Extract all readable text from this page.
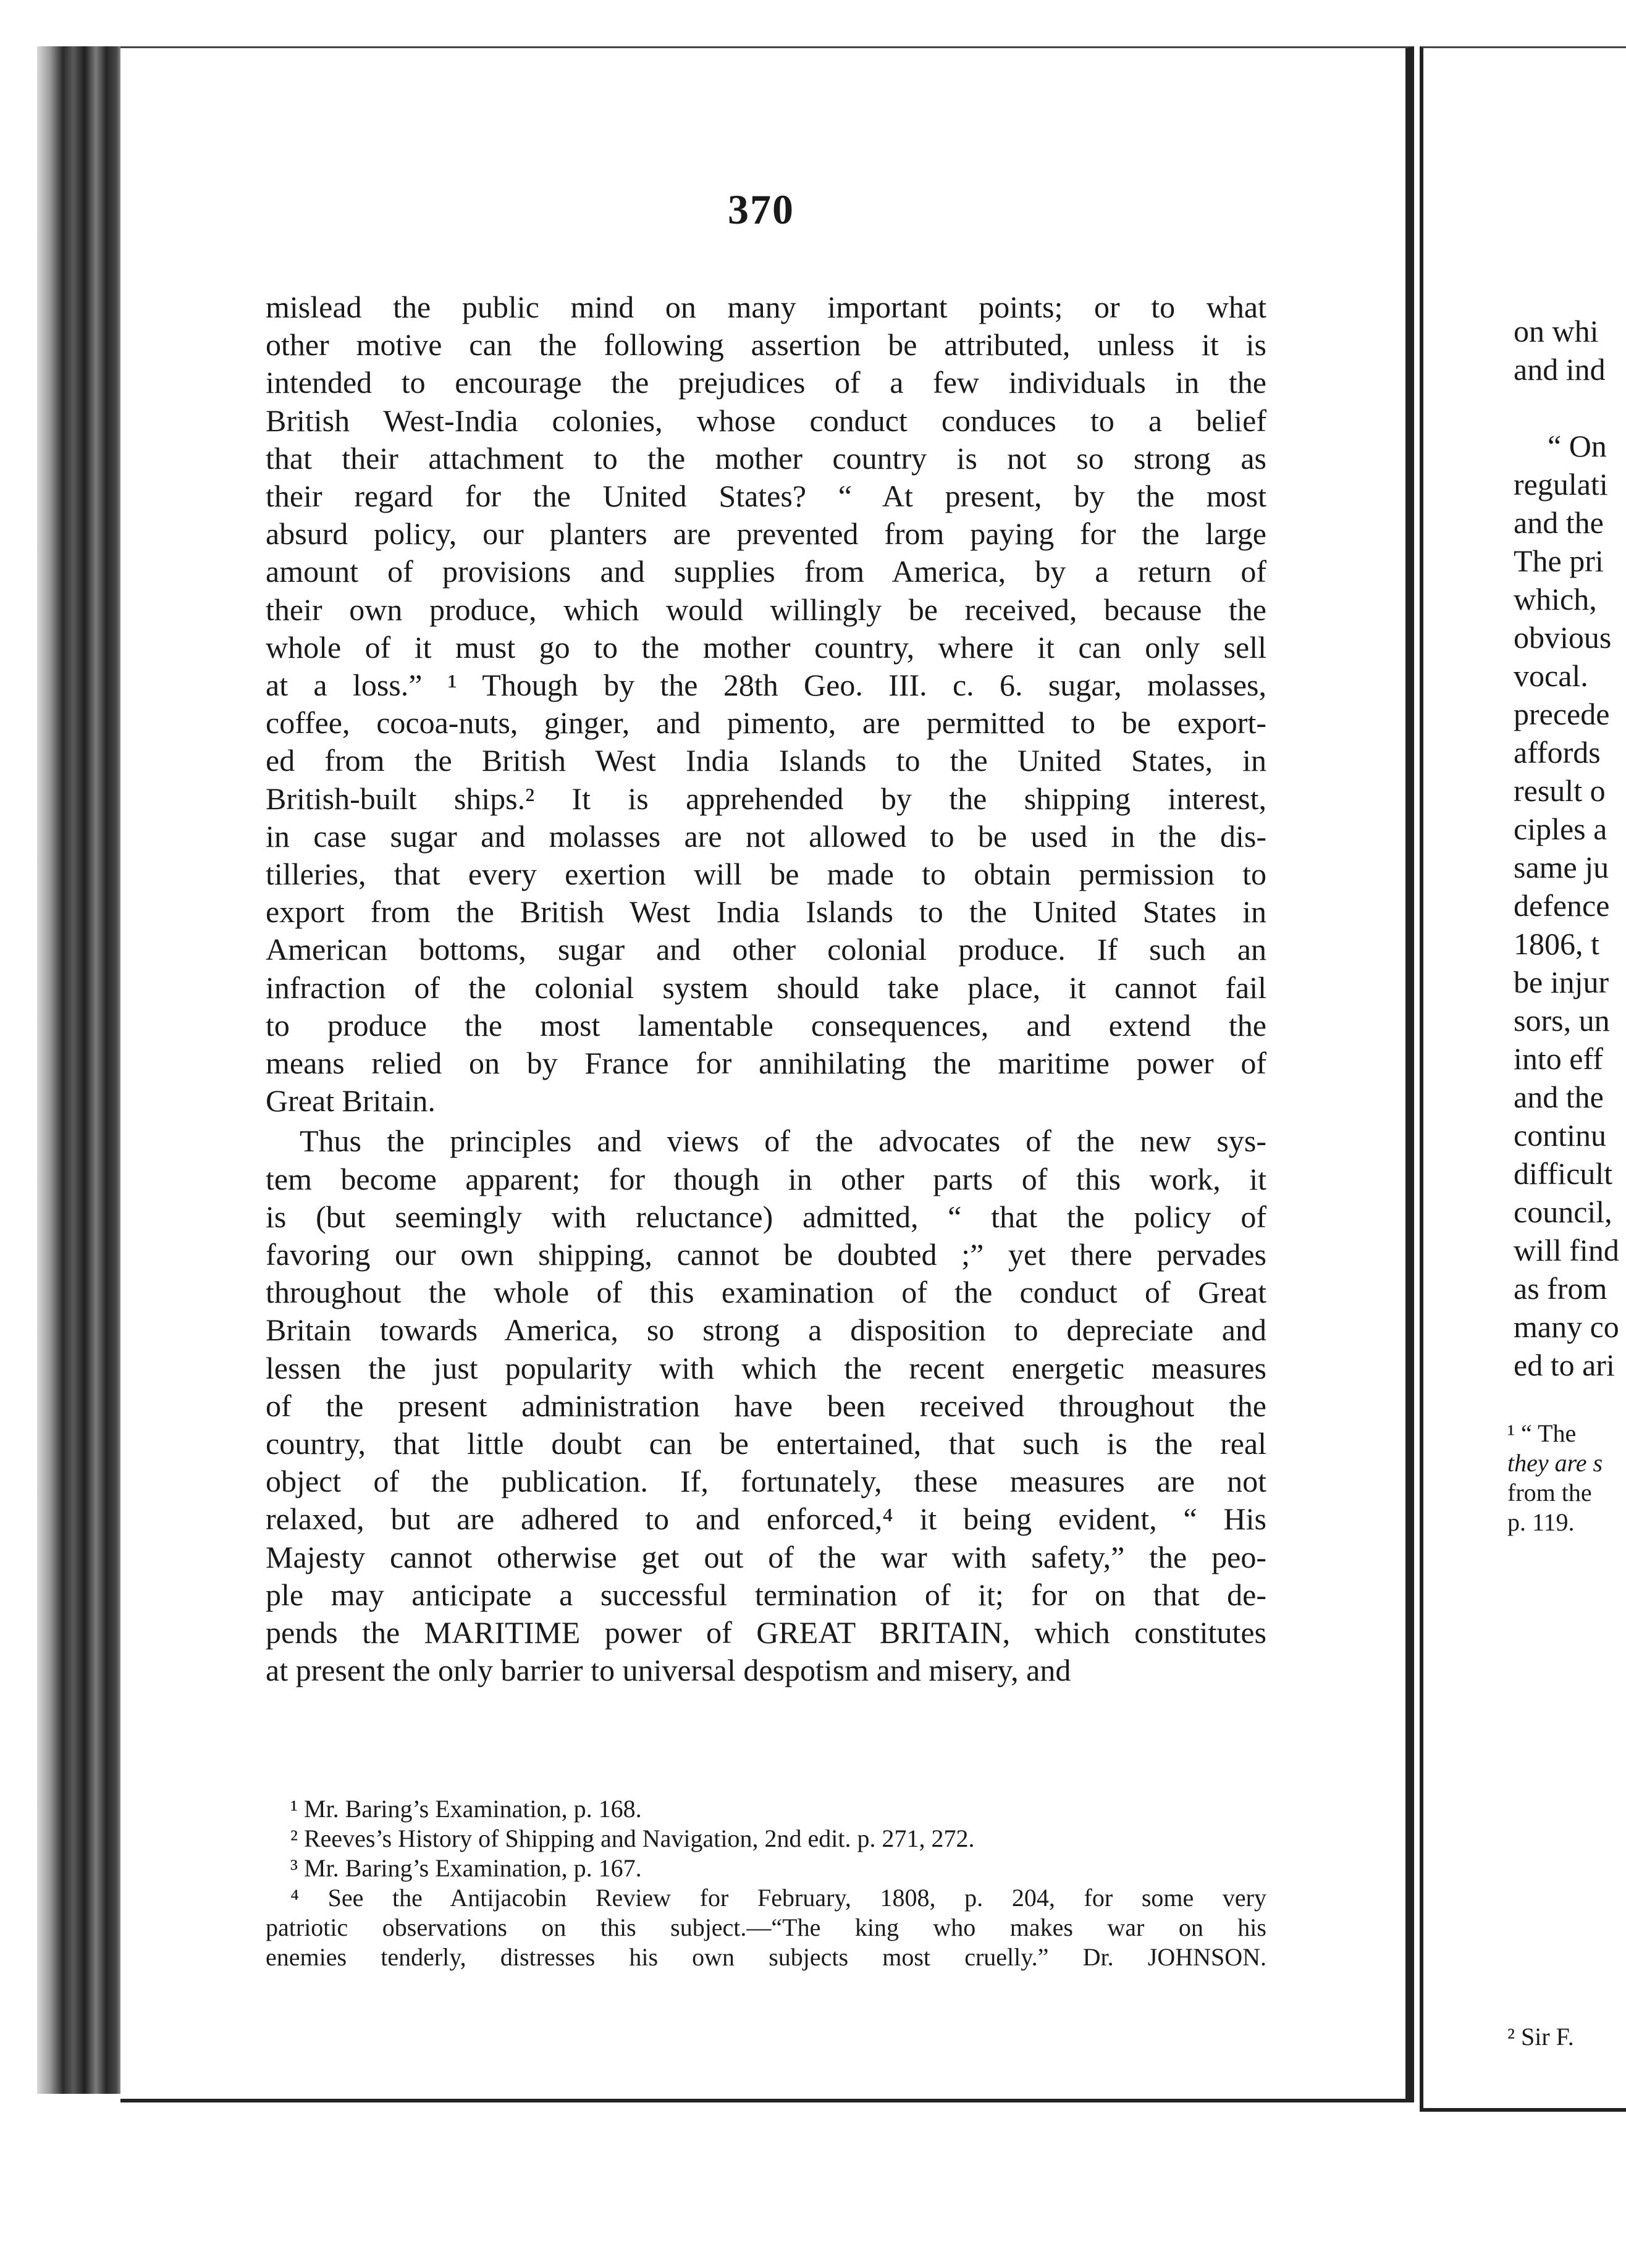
370
mislead the public mind on many important points; or to what
other motive can the following assertion be attributed, unless it is
intended to encourage the prejudices of a few individuals in the
British West-India colonies, whose conduct conduces to a belief
that their attachment to the mother country is not so strong as
their regard for the United States? “ At present, by the most
absurd policy, our planters are prevented from paying for the large
amount of provisions and supplies from America, by a return of
their own produce, which would willingly be received, because the
whole of it must go to the mother country, where it can only sell
at a loss.” ¹ Though by the 28th Geo. III. c. 6. sugar, molasses,
coffee, cocoa-nuts, ginger, and pimento, are permitted to be export-
ed from the British West India Islands to the United States, in
British-built ships.² It is apprehended by the shipping interest,
in case sugar and molasses are not allowed to be used in the dis-
tilleries, that every exertion will be made to obtain permission to
export from the British West India Islands to the United States in
American bottoms, sugar and other colonial produce. If such an
infraction of the colonial system should take place, it cannot fail
to produce the most lamentable consequences, and extend the
means relied on by France for annihilating the maritime power of
Great Britain.
Thus the principles and views of the advocates of the new sys-
tem become apparent; for though in other parts of this work, it
is (but seemingly with reluctance) admitted, “ that the policy of
favoring our own shipping, cannot be doubted ;” yet there pervades
throughout the whole of this examination of the conduct of Great
Britain towards America, so strong a disposition to depreciate and
lessen the just popularity with which the recent energetic measures
of the present administration have been received throughout the
country, that little doubt can be entertained, that such is the real
object of the publication. If, fortunately, these measures are not
relaxed, but are adhered to and enforced,⁴ it being evident, “ His
Majesty cannot otherwise get out of the war with safety,” the peo-
ple may anticipate a successful termination of it; for on that de-
pends the MARITIME power of GREAT BRITAIN, which constitutes
at present the only barrier to universal despotism and misery, and
¹ Mr. Baring’s Examination, p. 168.
² Reeves’s History of Shipping and Navigation, 2nd edit. p. 271, 272.
³ Mr. Baring’s Examination, p. 167.
⁴ See the Antijacobin Review for February, 1808, p. 204, for some very
patriotic observations on this subject.—“The king who makes war on his
enemies tenderly, distresses his own subjects most cruelly.” Dr. JOHNSON.
on whi
and ind
“ On
regulati
and the
The pri
which,
obvious
vocal.
precede
affords
result o
ciples a
same ju
defence
1806, t
be injur
sors, un
into eff
and the
continu
difficult
council,
will find
as from
many co
ed to ari
¹ “ The
they are s
from the
p. 119.
² Sir F.
